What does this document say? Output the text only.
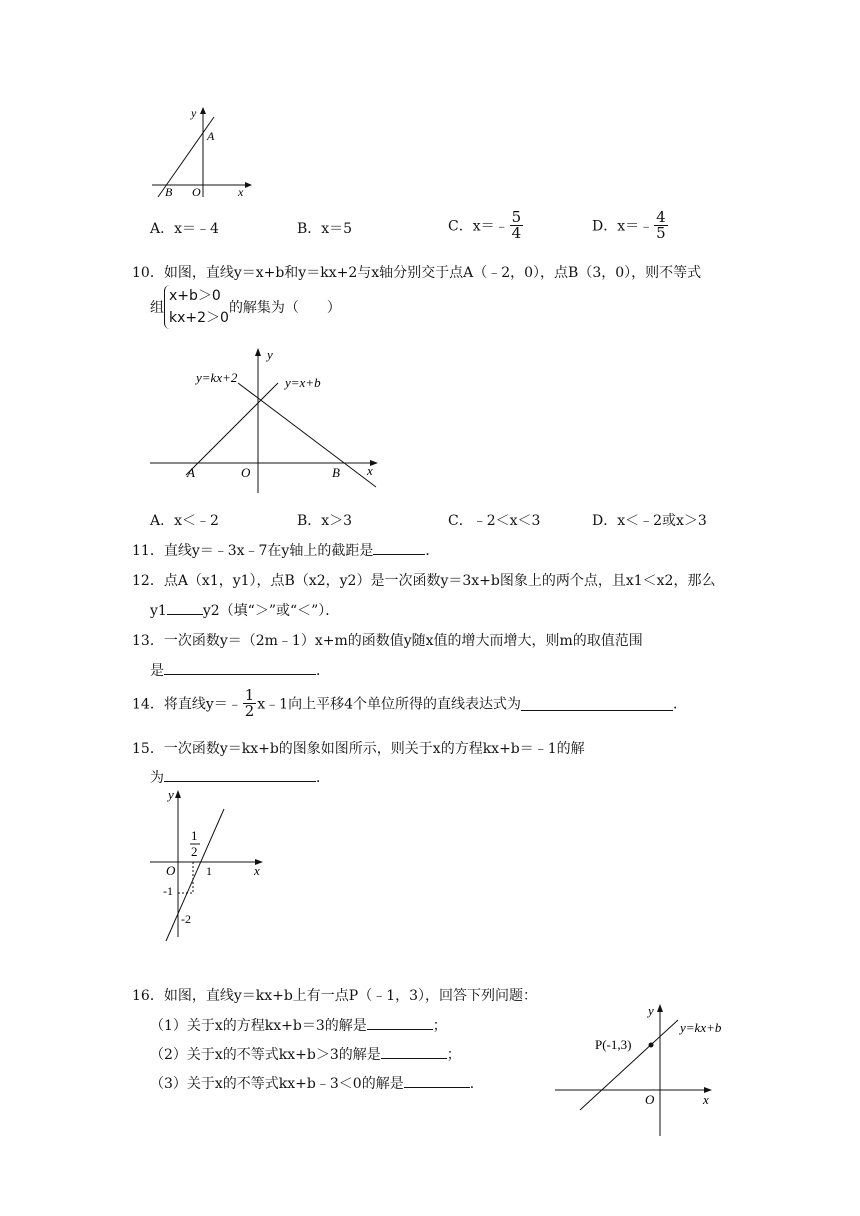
x
y
A
B O
A．x＝﹣4	B．x＝5	C．x＝﹣ $\frac{5}{4}$	D．x＝﹣ $\frac{4}{5}$
10．如图，直线y＝x+b和y＝kx+2与x轴分别交于点A（﹣2，0），点B（3，0），则不等式
组
x+b＞0
kx+2＞0
的解集为（　　）
y=kx+2	y=x+b
x
y
A	O	B
A．x＜﹣2	B．x＞3	C．﹣2＜x＜3	D．x＜﹣2或x＞3
11．直线y＝﹣3x﹣7在y轴上的截距是	．
12．点A（x1，y1），点B（x2，y2）是一次函数y＝3x+b图象上的两个点，且x1＜x2，那么
y1	y2（填“＞”或“＜”）．
13．一次函数y＝（2m﹣1）x+m的函数值y随x值的增大而增大，则m的取值范围
是	．
14．将直线y＝﹣ $\frac{1}{2}$ x﹣1向上平移4个单位所得的直线表达式为	．
15．一次函数y＝kx+b的图象如图所示，则关于x的方程kx+b＝﹣1的解
为	．
x
y
O
1
2
1
-1
-2
16．如图，直线y＝kx+b上有一点P（﹣1，3），回答下列问题：
（1）关于x的方程kx+b＝3的解是	；
（2）关于x的不等式kx+b＞3的解是	；
（3）关于x的不等式kx+b﹣3＜0的解是	．
x
y
O
P(-1,3)
y=kx+b
